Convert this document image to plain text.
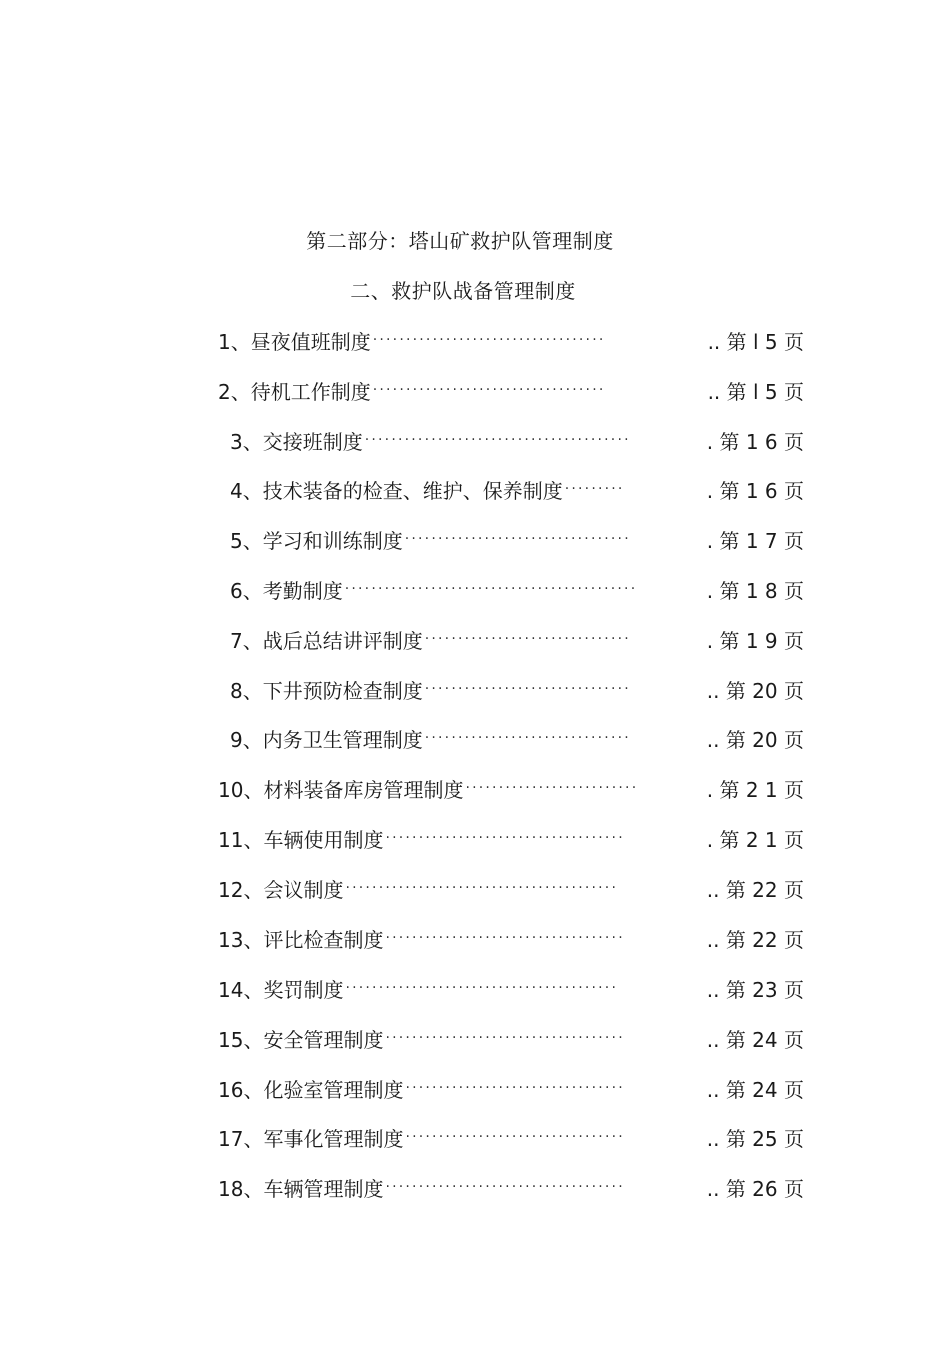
第二部分：塔山矿救护队管理制度
二、救护队战备管理制度
1、昼夜值班制度 ···································	.. 第 l 5 页
2、待机工作制度 ···································	.. 第 l 5 页
3、交接班制度 ········································	. 第 1 6 页
4、技术装备的检查、维护、保养制度 ·········	. 第 1 6 页
5、学习和训练制度 ··································	. 第 1 7 页
6、考勤制度 ············································	. 第 1 8 页
7、战后总结讲评制度 ·······························	. 第 1 9 页
8、下井预防检查制度 ·······························	.. 第 20 页
9、内务卫生管理制度 ·······························	.. 第 20 页
10、材料装备库房管理制度 ··························	. 第 2 1 页
11、车辆使用制度 ····································	. 第 2 1 页
12、会议制度 ·········································	.. 第 22 页
13、评比检查制度 ····································	.. 第 22 页
14、奖罚制度 ·········································	.. 第 23 页
15、安全管理制度 ····································	.. 第 24 页
16、化验室管理制度 ·································	.. 第 24 页
17、军事化管理制度 ·································	.. 第 25 页
18、车辆管理制度 ····································	.. 第 26 页
